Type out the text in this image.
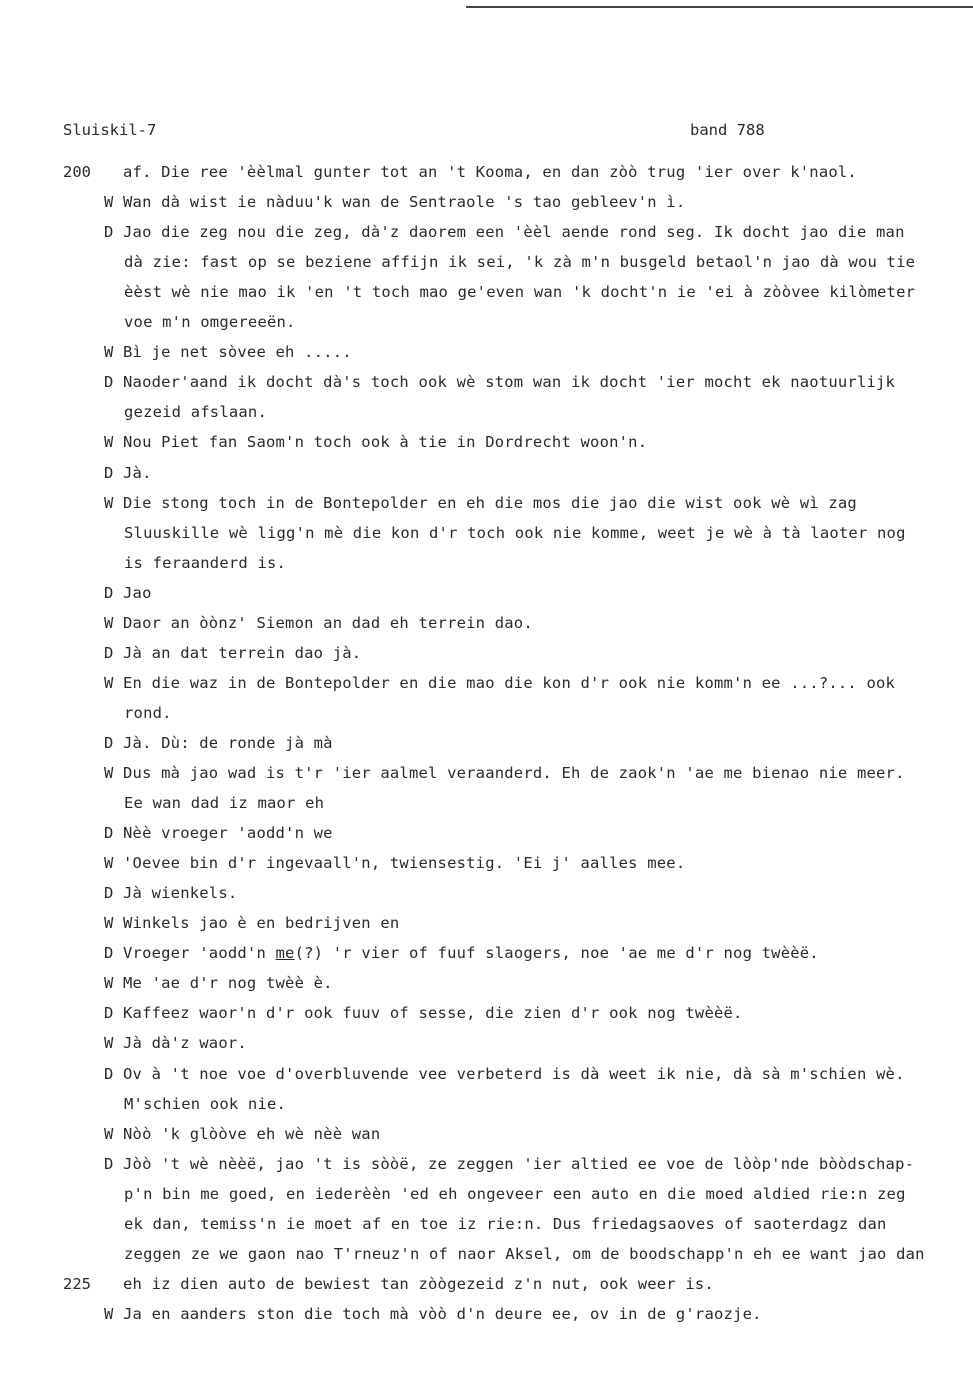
Sluiskil-7	band 788
200 af. Die ree 'èèlmal gunter tot an 't Kooma, en dan zòò trug 'ier over k'naol.
W Wan dà wist ie nàduu'k wan de Sentraole 's tao gebleev'n ì.
D Jao die zeg nou die zeg, dà'z daorem een 'èèl aende rond seg. Ik docht jao die man
dà zie: fast op se beziene affijn ik sei, 'k zà m'n busgeld betaol'n jao dà wou tie
èèst wè nie mao ik 'en 't toch mao ge'even wan 'k docht'n ie 'ei à zòòvee kilòmeter
voe m'n omgereeën.
W Bì je net sòvee eh .....
D Naoder'aand ik docht dà's toch ook wè stom wan ik docht 'ier mocht ek naotuurlijk
gezeid afslaan.
W Nou Piet fan Saom'n toch ook à tie in Dordrecht woon'n.
D Jà.
W Die stong toch in de Bontepolder en eh die mos die jao die wist ook wè wì zag
Sluuskille wè ligg'n mè die kon d'r toch ook nie komme, weet je wè à tà laoter nog
is feraanderd is.
D Jao
W Daor an òònz' Siemon an dad eh terrein dao.
D Jà an dat terrein dao jà.
W En die waz in de Bontepolder en die mao die kon d'r ook nie komm'n ee ...?... ook
rond.
D Jà. Dù: de ronde jà mà
W Dus mà jao wad is t'r 'ier aalmel veraanderd. Eh de zaok'n 'ae me bienao nie meer.
Ee wan dad iz maor eh
D Nèè vroeger 'aodd'n we
W 'Oevee bin d'r ingevaall'n, twiensestig. 'Ei j' aalles mee.
D Jà wienkels.
W Winkels jao è en bedrijven en
D Vroeger 'aodd'n me(?) 'r vier of fuuf slaogers, noe 'ae me d'r nog twèèë.
W Me 'ae d'r nog twèè è.
D Kaffeez waor'n d'r ook fuuv of sesse, die zien d'r ook nog twèèë.
W Jà dà'z waor.
D Ov à 't noe voe d'overbluvende vee verbeterd is dà weet ik nie, dà sà m'schien wè.
M'schien ook nie.
W Nòò 'k glòòve eh wè nèè wan
D Jòò 't wè nèèë, jao 't is sòòë, ze zeggen 'ier altied ee voe de lòòp'nde bòòdschap-
p'n bin me goed, en iederèèn 'ed eh ongeveer een auto en die moed aldied rie:n zeg
ek dan, temiss'n ie moet af en toe iz rie:n. Dus friedagsaoves of saoterdagz dan
zeggen ze we gaon nao T'rneuz'n of naor Aksel, om de boodschapp'n eh ee want jao dan
225 eh iz dien auto de bewiest tan zòògezeid z'n nut, ook weer is.
W Ja en aanders ston die toch mà vòò d'n deure ee, ov in de g'raozje.
